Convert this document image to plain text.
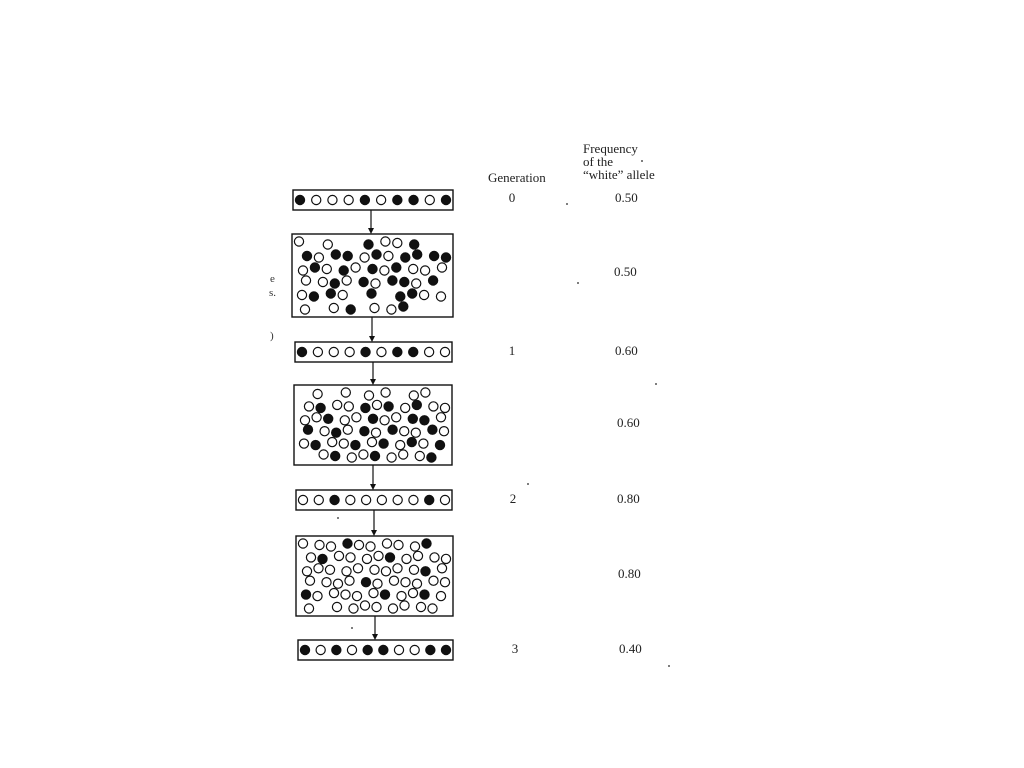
Generation
Frequency
of the
“white” allele
0	0.50
0.50
1	0.60
0.60
2	0.80
0.80
3	0.40
e
s.
)
